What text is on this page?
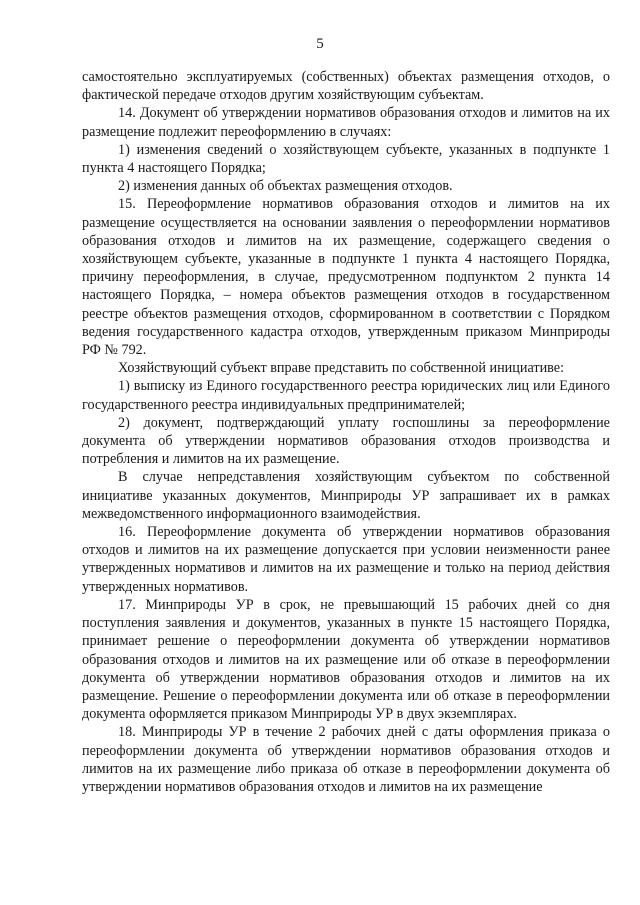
5

самостоятельно эксплуатируемых (собственных) объектах размещения отходов, о фактической передаче отходов другим хозяйствующим субъектам.

14. Документ об утверждении нормативов образования отходов и лимитов на их размещение подлежит переоформлению в случаях:

1) изменения сведений о хозяйствующем субъекте, указанных в подпункте 1 пункта 4 настоящего Порядка;

2) изменения данных об объектах размещения отходов.

15. Переоформление нормативов образования отходов и лимитов на их размещение осуществляется на основании заявления о переоформлении нормативов образования отходов и лимитов на их размещение, содержащего сведения о хозяйствующем субъекте, указанные в подпункте 1 пункта 4 настоящего Порядка, причину переоформления, в случае, предусмотренном подпунктом 2 пункта 14 настоящего Порядка, – номера объектов размещения отходов в государственном реестре объектов размещения отходов, сформированном в соответствии с Порядком ведения государственного кадастра отходов, утвержденным приказом Минприроды РФ № 792.

Хозяйствующий субъект вправе представить по собственной инициативе:

1) выписку из Единого государственного реестра юридических лиц или Единого государственного реестра индивидуальных предпринимателей;

2) документ, подтверждающий уплату госпошлины за переоформление документа об утверждении нормативов образования отходов производства и потребления и лимитов на их размещение.

В случае непредставления хозяйствующим субъектом по собственной инициативе указанных документов, Минприроды УР запрашивает их в рамках межведомственного информационного взаимодействия.

16. Переоформление документа об утверждении нормативов образования отходов и лимитов на их размещение допускается при условии неизменности ранее утвержденных нормативов и лимитов на их размещение и только на период действия утвержденных нормативов.

17. Минприроды УР в срок, не превышающий 15 рабочих дней со дня поступления заявления и документов, указанных в пункте 15 настоящего Порядка, принимает решение о переоформлении документа об утверждении нормативов образования отходов и лимитов на их размещение или об отказе в переоформлении документа об утверждении нормативов образования отходов и лимитов на их размещение. Решение о переоформлении документа или об отказе в переоформлении документа оформляется приказом Минприроды УР в двух экземплярах.

18. Минприроды УР в течение 2 рабочих дней с даты оформления приказа о переоформлении документа об утверждении нормативов образования отходов и лимитов на их размещение либо приказа об отказе в переоформлении документа об утверждении нормативов образования отходов и лимитов на их размещение
